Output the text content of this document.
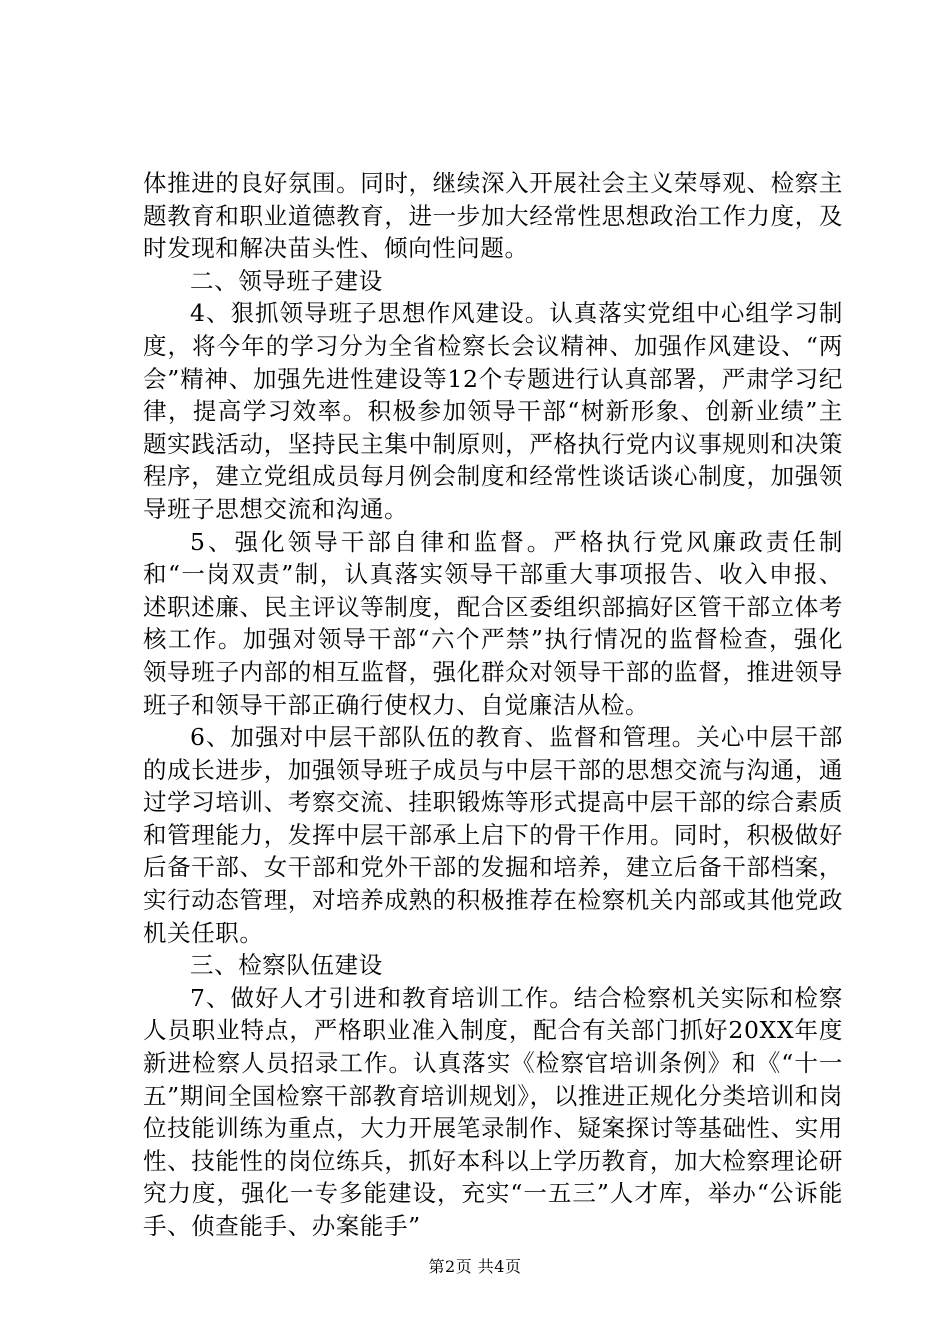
体推进的良好氛围。同时，继续深入开展社会主义荣辱观、检察主题教育和职业道德教育，进一步加大经常性思想政治工作力度，及时发现和解决苗头性、倾向性问题。

二、领导班子建设

4、狠抓领导班子思想作风建设。认真落实党组中心组学习制度，将今年的学习分为全省检察长会议精神、加强作风建设、“两会”精神、加强先进性建设等12个专题进行认真部署，严肃学习纪律，提高学习效率。积极参加领导干部“树新形象、创新业绩”主题实践活动，坚持民主集中制原则，严格执行党内议事规则和决策程序，建立党组成员每月例会制度和经常性谈话谈心制度，加强领导班子思想交流和沟通。

5、强化领导干部自律和监督。严格执行党风廉政责任制和“一岗双责”制，认真落实领导干部重大事项报告、收入申报、述职述廉、民主评议等制度，配合区委组织部搞好区管干部立体考核工作。加强对领导干部“六个严禁”执行情况的监督检查，强化领导班子内部的相互监督，强化群众对领导干部的监督，推进领导班子和领导干部正确行使权力、自觉廉洁从检。

6、加强对中层干部队伍的教育、监督和管理。关心中层干部的成长进步，加强领导班子成员与中层干部的思想交流与沟通，通过学习培训、考察交流、挂职锻炼等形式提高中层干部的综合素质和管理能力，发挥中层干部承上启下的骨干作用。同时，积极做好后备干部、女干部和党外干部的发掘和培养，建立后备干部档案，实行动态管理，对培养成熟的积极推荐在检察机关内部或其他党政机关任职。

三、检察队伍建设

7、做好人才引进和教育培训工作。结合检察机关实际和检察人员职业特点，严格职业准入制度，配合有关部门抓好20XX年度新进检察人员招录工作。认真落实《检察官培训条例》和《“十一五”期间全国检察干部教育培训规划》，以推进正规化分类培训和岗位技能训练为重点，大力开展笔录制作、疑案探讨等基础性、实用性、技能性的岗位练兵，抓好本科以上学历教育，加大检察理论研究力度，强化一专多能建设，充实“一五三”人才库，举办“公诉能手、侦查能手、办案能手”

第2页 共4页
